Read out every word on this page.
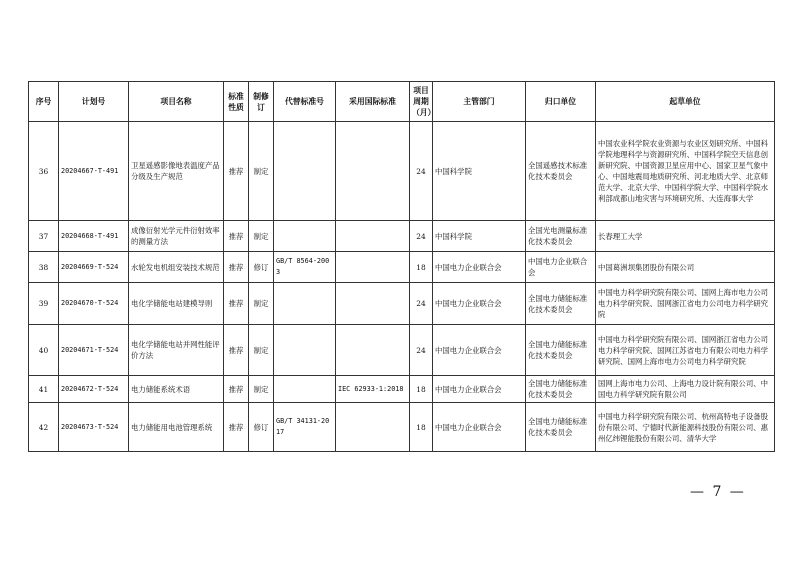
序号	计划号	项目名称	标准性质	制修订	代替标准号	采用国际标准	项目周期（月）	主管部门	归口单位	起草单位
36	20204667-T-491	卫星遥感影像地表温度产品分级及生产规范	推荐	制定			24	中国科学院	全国遥感技术标准化技术委员会	中国农业科学院农业资源与农业区划研究所、中国科学院地理科学与资源研究所、中国科学院空天信息创新研究院、中国资源卫星应用中心、国家卫星气象中心、中国地震局地质研究所、河北地质大学、北京师范大学、北京大学、中国科学院大学、中国科学院水利部成都山地灾害与环境研究所、大连海事大学
37	20204668-T-491	成像衍射光学元件衍射效率的测量方法	推荐	制定			24	中国科学院	全国光电测量标准化技术委员会	长春理工大学
38	20204669-T-524	水轮发电机组安装技术规范	推荐	修订	GB/T 8564-2003		18	中国电力企业联合会	中国电力企业联合会	中国葛洲坝集团股份有限公司
39	20204670-T-524	电化学储能电站建模导则	推荐	制定			24	中国电力企业联合会	全国电力储能标准化技术委员会	中国电力科学研究院有限公司、国网上海市电力公司电力科学研究院、国网浙江省电力公司电力科学研究院
40	20204671-T-524	电化学储能电站并网性能评价方法	推荐	制定			24	中国电力企业联合会	全国电力储能标准化技术委员会	中国电力科学研究院有限公司、国网浙江省电力公司电力科学研究院、国网江苏省电力有限公司电力科学研究院、国网上海市电力公司电力科学研究院
41	20204672-T-524	电力储能系统术语	推荐	制定		IEC 62933-1:2018	18	中国电力企业联合会	全国电力储能标准化技术委员会	国网上海市电力公司、上海电力设计院有限公司、中国电力科学研究院有限公司
42	20204673-T-524	电力储能用电池管理系统	推荐	修订	GB/T 34131-2017		18	中国电力企业联合会	全国电力储能标准化技术委员会	中国电力科学研究院有限公司、杭州高特电子设备股份有限公司、宁德时代新能源科技股份有限公司、惠州亿纬锂能股份有限公司、清华大学
— 7 —
